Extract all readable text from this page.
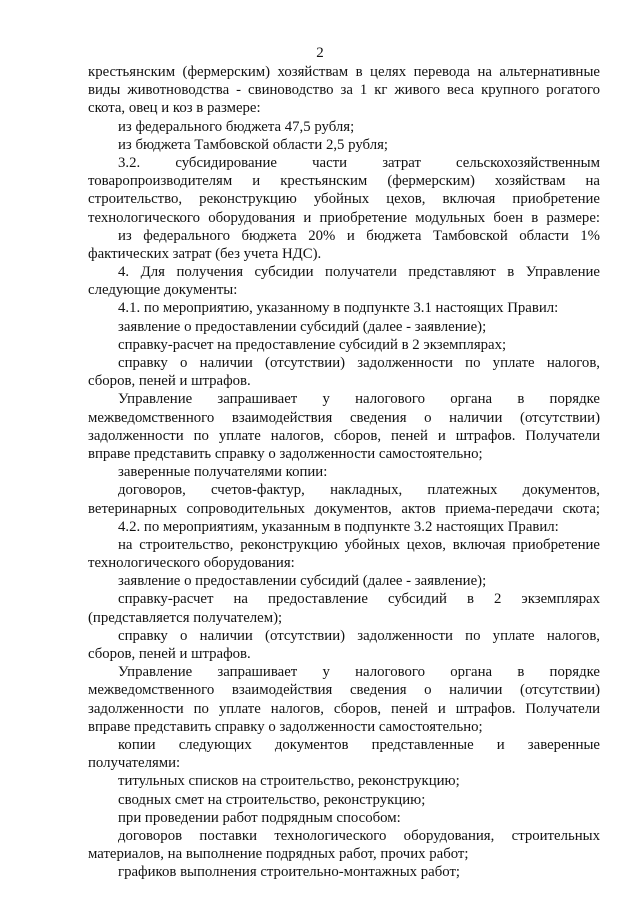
2
крестьянским (фермерским) хозяйствам в целях перевода на альтернативные
виды животноводства - свиноводство за 1 кг живого веса крупного рогатого
скота, овец и коз в размере:
из федерального бюджета 47,5 рубля;
из бюджета Тамбовской области 2,5 рубля;
3.2. субсидирование части затрат сельскохозяйственным
товаропроизводителям и крестьянским (фермерским) хозяйствам на
строительство, реконструкцию убойных цехов, включая приобретение
технологического оборудования и приобретение модульных боен в размере:
из федерального бюджета 20% и бюджета Тамбовской области 1%
фактических затрат (без учета НДС).
4. Для получения субсидии получатели представляют в Управление
следующие документы:
4.1. по мероприятию, указанному в подпункте 3.1 настоящих Правил:
заявление о предоставлении субсидий (далее - заявление);
справку-расчет на предоставление субсидий в 2 экземплярах;
справку о наличии (отсутствии) задолженности по уплате налогов,
сборов, пеней и штрафов.
Управление запрашивает у налогового органа в порядке
межведомственного взаимодействия сведения о наличии (отсутствии)
задолженности по уплате налогов, сборов, пеней и штрафов. Получатели
вправе представить справку о задолженности самостоятельно;
заверенные получателями копии:
договоров, счетов-фактур, накладных, платежных документов,
ветеринарных сопроводительных документов, актов приема-передачи скота;
4.2. по мероприятиям, указанным в подпункте 3.2 настоящих Правил:
на строительство, реконструкцию убойных цехов, включая приобретение
технологического оборудования:
заявление о предоставлении субсидий (далее - заявление);
справку-расчет на предоставление субсидий в 2 экземплярах
(представляется получателем);
справку о наличии (отсутствии) задолженности по уплате налогов,
сборов, пеней и штрафов.
Управление запрашивает у налогового органа в порядке
межведомственного взаимодействия сведения о наличии (отсутствии)
задолженности по уплате налогов, сборов, пеней и штрафов. Получатели
вправе представить справку о задолженности самостоятельно;
копии следующих документов представленные и заверенные
получателями:
титульных списков на строительство, реконструкцию;
сводных смет на строительство, реконструкцию;
при проведении работ подрядным способом:
договоров поставки технологического оборудования, строительных
материалов, на выполнение подрядных работ, прочих работ;
графиков выполнения строительно-монтажных работ;
